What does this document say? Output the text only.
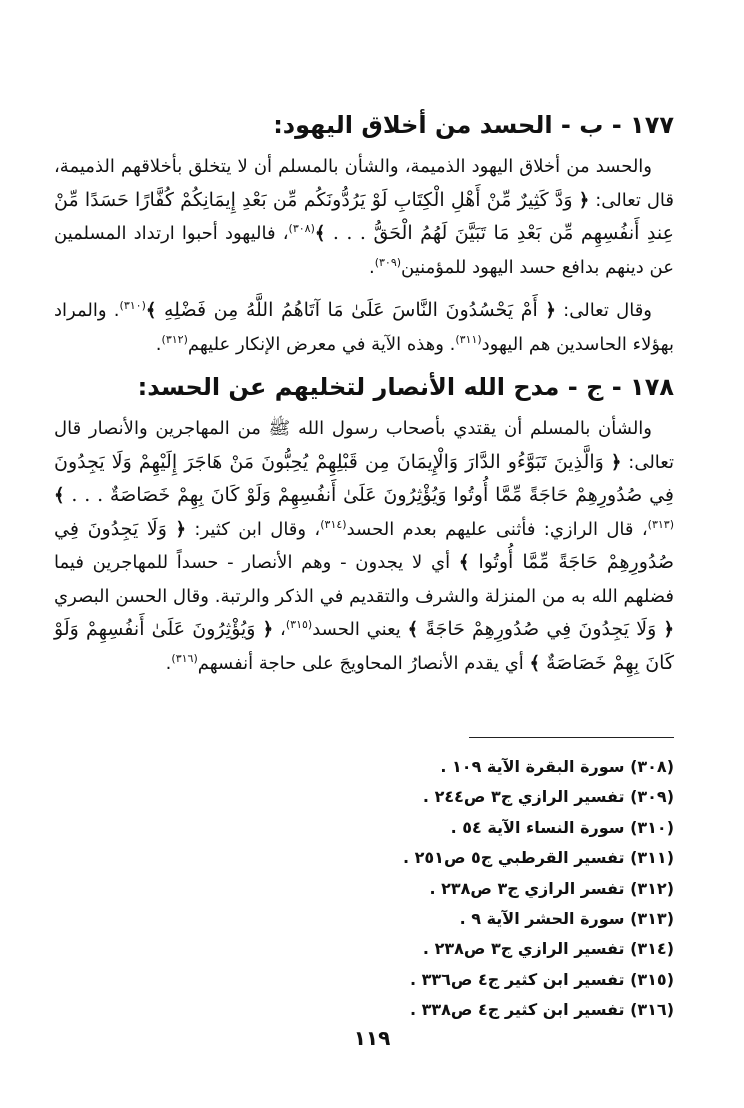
١٧٧ - ب - الحسد من أخلاق اليهود:

والحسد من أخلاق اليهود الذميمة، والشأن بالمسلم أن لا يتخلق بأخلاقهم الذميمة، قال تعالى: ﴿ وَدَّ كَثِيرٌ مِّنْ أَهْلِ الْكِتَابِ لَوْ يَرُدُّونَكُم مِّن بَعْدِ إِيمَانِكُمْ كُفَّارًا حَسَدًا مِّنْ عِندِ أَنفُسِهِم مِّن بَعْدِ مَا تَبَيَّنَ لَهُمُ الْحَقُّ . . . ﴾$^{(٣٠٨)}$، فاليهود أحبوا ارتداد المسلمين عن دينهم بدافع حسد اليهود للمؤمنين$^{(٣٠٩)}$.

وقال تعالى: ﴿ أَمْ يَحْسُدُونَ النَّاسَ عَلَىٰ مَا آتَاهُمُ اللَّهُ مِن فَضْلِهِ ﴾$^{(٣١٠)}$. والمراد بهؤلاء الحاسدين هم اليهود$^{(٣١١)}$. وهذه الآية في معرض الإنكار عليهم$^{(٣١٢)}$.

١٧٨ - ج - مدح الله الأنصار لتخليهم عن الحسد:

والشأن بالمسلم أن يقتدي بأصحاب رسول الله ﷺ من المهاجرين والأنصار قال تعالى: ﴿ وَالَّذِينَ تَبَوَّءُو الدَّارَ وَالْإِيمَانَ مِن قَبْلِهِمْ يُحِبُّونَ مَنْ هَاجَرَ إِلَيْهِمْ وَلَا يَجِدُونَ فِي صُدُورِهِمْ حَاجَةً مِّمَّا أُوتُوا وَيُؤْثِرُونَ عَلَىٰ أَنفُسِهِمْ وَلَوْ كَانَ بِهِمْ خَصَاصَةٌ . . . ﴾$^{(٣١٣)}$، قال الرازي: فأثنى عليهم بعدم الحسد$^{(٣١٤)}$، وقال ابن كثير: ﴿ وَلَا يَجِدُونَ فِي صُدُورِهِمْ حَاجَةً مِّمَّا أُوتُوا ﴾ أي لا يجدون - وهم الأنصار - حسداً للمهاجرين فيما فضلهم الله به من المنزلة والشرف والتقديم في الذكر والرتبة. وقال الحسن البصري ﴿ وَلَا يَجِدُونَ فِي صُدُورِهِمْ حَاجَةً ﴾ يعني الحسد$^{(٣١٥)}$، ﴿ وَيُؤْثِرُونَ عَلَىٰ أَنفُسِهِمْ وَلَوْ كَانَ بِهِمْ خَصَاصَةٌ ﴾ أي يقدم الأنصارُ المحاويجَ على حاجة أنفسهم$^{(٣١٦)}$.

(٣٠٨) سورة البقرة الآية ١٠٩ .
(٣٠٩) تفسير الرازي ج٣ ص٢٤٤ .
(٣١٠) سورة النساء الآية ٥٤ .
(٣١١) تفسير القرطبي ج٥ ص٢٥١ .
(٣١٢) تفسر الرازي ج٣ ص٢٣٨ .
(٣١٣) سورة الحشر الآية ٩ .
(٣١٤) تفسير الرازي ج٣ ص٢٣٨ .
(٣١٥) تفسير ابن كثير ج٤ ص٣٣٦ .
(٣١٦) تفسير ابن كثير ج٤ ص٣٣٨ .
١١٩
